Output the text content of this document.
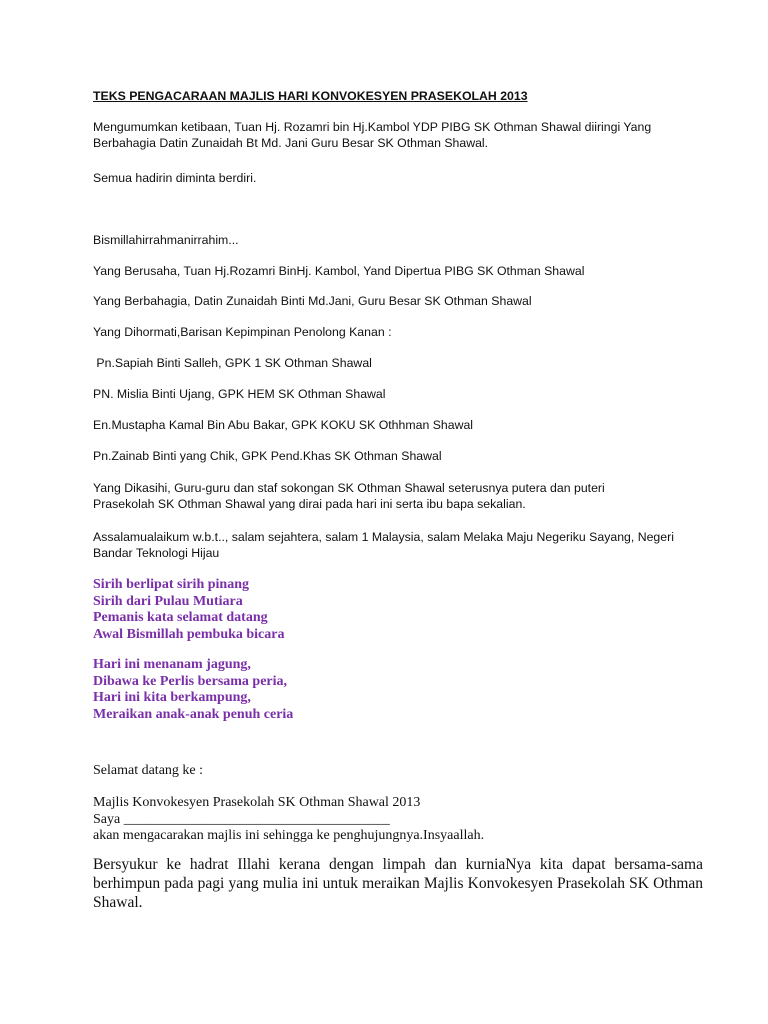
TEKS PENGACARAAN MAJLIS HARI KONVOKESYEN PRASEKOLAH 2013

Mengumumkan ketibaan, Tuan Hj. Rozamri bin Hj.Kambol YDP PIBG SK Othman Shawal diiringi Yang Berbahagia Datin Zunaidah Bt Md. Jani Guru Besar SK Othman Shawal.

Semua hadirin diminta berdiri.

Bismillahirrahmanirrahim...

Yang Berusaha, Tuan Hj.Rozamri BinHj. Kambol, Yand Dipertua PIBG SK Othman Shawal

Yang Berbahagia, Datin Zunaidah Binti Md.Jani, Guru Besar SK Othman Shawal

Yang Dihormati,Barisan Kepimpinan Penolong Kanan :

Pn.Sapiah Binti Salleh, GPK 1 SK Othman Shawal

PN. Mislia Binti Ujang, GPK HEM SK Othman Shawal

En.Mustapha Kamal Bin Abu Bakar, GPK KOKU SK Othhman Shawal

Pn.Zainab Binti yang Chik, GPK Pend.Khas SK Othman Shawal

Yang Dikasihi, Guru-guru dan staf sokongan SK Othman Shawal seterusnya putera dan puteri Prasekolah SK Othman Shawal yang dirai pada hari ini serta ibu bapa sekalian.

Assalamualaikum w.b.t.., salam sejahtera, salam 1 Malaysia, salam Melaka Maju Negeriku Sayang, Negeri Bandar Teknologi Hijau

Sirih berlipat sirih pinang
Sirih dari Pulau Mutiara
Pemanis kata selamat datang
Awal Bismillah pembuka bicara
Hari ini menanam jagung,
Dibawa ke Perlis bersama peria,
Hari ini kita berkampung,
Meraikan anak-anak penuh ceria

Selamat datang ke :

Majlis Konvokesyen Prasekolah SK Othman Shawal 2013
Saya ______________________________________
akan mengacarakan majlis ini sehingga ke penghujungnya.Insyaallah.

Bersyukur ke hadrat Illahi kerana dengan limpah dan kurniaNya kita dapat bersama-sama berhimpun pada pagi yang mulia ini untuk meraikan Majlis Konvokesyen Prasekolah SK Othman Shawal.
